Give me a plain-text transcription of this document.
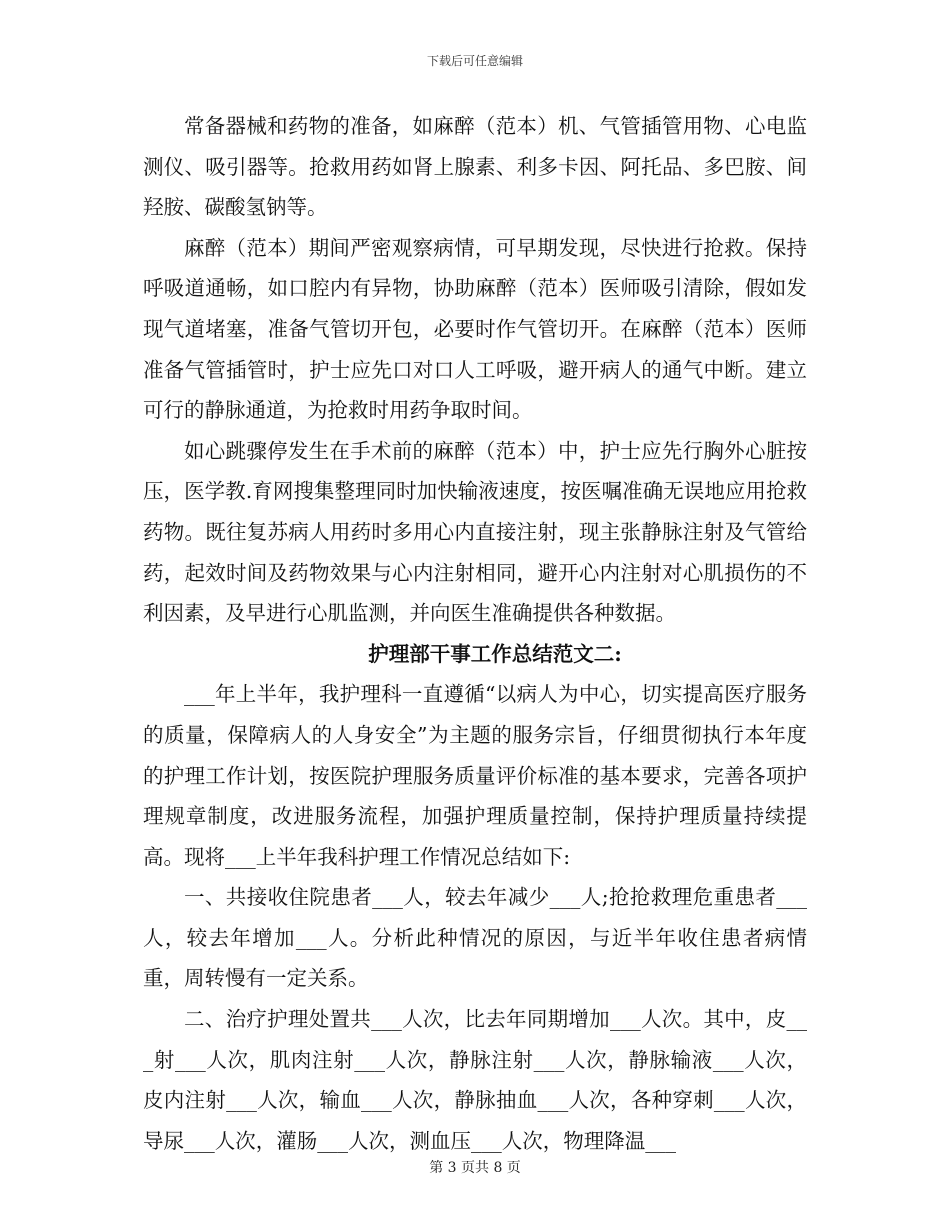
下载后可任意编辑

常备器械和药物的准备，如麻醉（范本）机、气管插管用物、心电监测仪、吸引器等。抢救用药如肾上腺素、利多卡因、阿托品、多巴胺、间羟胺、碳酸氢钠等。

麻醉（范本）期间严密观察病情，可早期发现，尽快进行抢救。保持呼吸道通畅，如口腔内有异物，协助麻醉（范本）医师吸引清除，假如发现气道堵塞，准备气管切开包，必要时作气管切开。在麻醉（范本）医师准备气管插管时，护士应先口对口人工呼吸，避开病人的通气中断。建立可行的静脉通道，为抢救时用药争取时间。

如心跳骤停发生在手术前的麻醉（范本）中，护士应先行胸外心脏按压，医学教.育网搜集整理同时加快输液速度，按医嘱准确无误地应用抢救药物。既往复苏病人用药时多用心内直接注射，现主张静脉注射及气管给药，起效时间及药物效果与心内注射相同，避开心内注射对心肌损伤的不利因素，及早进行心肌监测，并向医生准确提供各种数据。

护理部干事工作总结范文二:

___年上半年，我护理科一直遵循“以病人为中心，切实提高医疗服务的质量，保障病人的人身安全”为主题的服务宗旨，仔细贯彻执行本年度的护理工作计划，按医院护理服务质量评价标准的基本要求，完善各项护理规章制度，改进服务流程，加强护理质量控制，保持护理质量持续提高。现将___上半年我科护理工作情况总结如下:

一、共接收住院患者___人，较去年减少___人;抢抢救理危重患者___人，较去年增加___人。分析此种情况的原因，与近半年收住患者病情重，周转慢有一定关系。

二、治疗护理处置共___人次，比去年同期增加___人次。其中，皮___射___人次，肌肉注射___人次，静脉注射___人次，静脉输液___人次，皮内注射___人次，输血___人次，静脉抽血___人次，各种穿刺___人次，导尿___人次，灌肠___人次，测血压___人次，物理降温___

第 3 页共 8 页
